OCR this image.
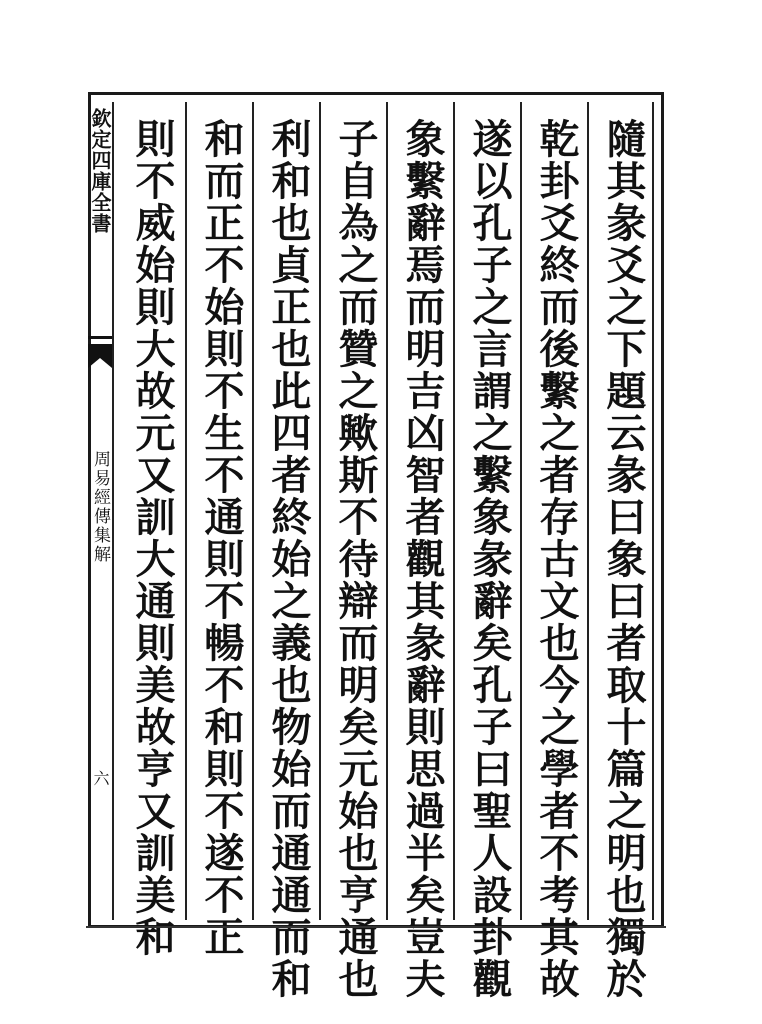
欽定四庫全書
周易經傳集解
六	隨其彖爻之下題云彖曰象曰者取十篇之明也獨於
乾卦爻終而後繫之者存古文也今之學者不考其故
遂以孔子之言謂之繫象彖辭矣孔子曰聖人設卦觀
象繫辭焉而明吉凶智者觀其彖辭則思過半矣豈夫
子自為之而贊之歟斯不待辯而明矣元始也亨通也
利和也貞正也此四者終始之義也物始而通通而和
和而正不始則不生不通則不暢不和則不遂不正
則不威始則大故元又訓大通則美故亨又訓美和
